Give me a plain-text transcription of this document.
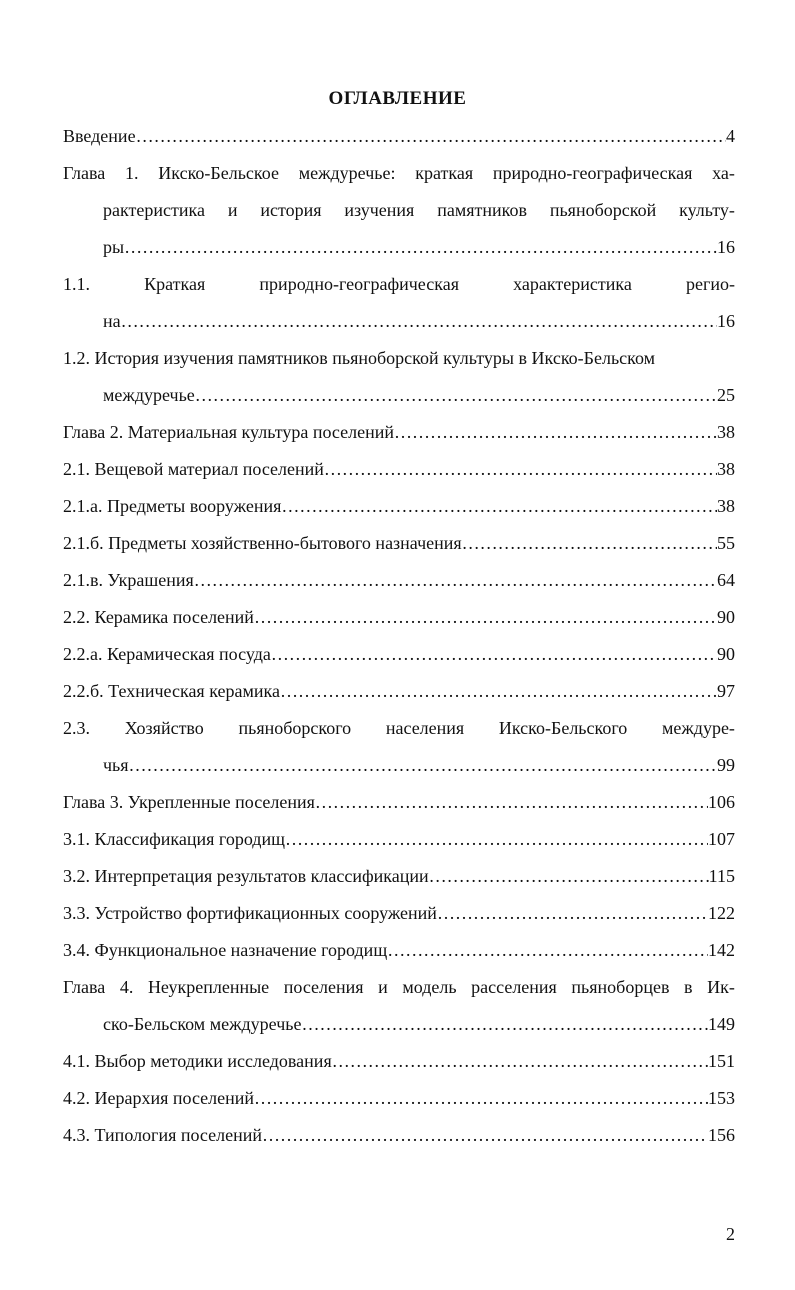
ОГЛАВЛЕНИЕ
Введение …………………………………………………………………………………………………………………………………………………………………………………………………	4
Глава 1. Икско-Бельское междуречье: краткая природно-географическая ха-
рактеристика и история изучения памятников пьяноборской культу-
ры …………………………………………………………………………………………………………………………………………………………………………………………………	16
1.1.	Краткая	природно-географическая	характеристика	регио-
на …………………………………………………………………………………………………………………………………………………………………………………………………	16
1.2. История изучения памятников пьяноборской культуры в Икско-Бельском
междуречье …………………………………………………………………………………………………………………………………………………………………………………………………	25
Глава 2. Материальная культура поселений …………………………………………………………………………………………………………………………………………………………………………………………………	38
2.1. Вещевой материал поселений …………………………………………………………………………………………………………………………………………………………………………………………………	38
2.1.а. Предметы вооружения …………………………………………………………………………………………………………………………………………………………………………………………………	38
2.1.б. Предметы хозяйственно-бытового назначения …………………………………………………………………………………………………………………………………………………………………………………………………	55
2.1.в. Украшения …………………………………………………………………………………………………………………………………………………………………………………………………	64
2.2. Керамика поселений …………………………………………………………………………………………………………………………………………………………………………………………………	90
2.2.а. Керамическая посуда …………………………………………………………………………………………………………………………………………………………………………………………………	90
2.2.б. Техническая керамика …………………………………………………………………………………………………………………………………………………………………………………………………	97
2.3. Хозяйство пьяноборского населения Икско-Бельского междуре-
чья …………………………………………………………………………………………………………………………………………………………………………………………………	99
Глава 3. Укрепленные поселения …………………………………………………………………………………………………………………………………………………………………………………………………	106
3.1. Классификация городищ …………………………………………………………………………………………………………………………………………………………………………………………………	107
3.2. Интерпретация результатов классификации …………………………………………………………………………………………………………………………………………………………………………………………………	115
3.3. Устройство фортификационных сооружений …………………………………………………………………………………………………………………………………………………………………………………………………	122
3.4. Функциональное назначение городищ …………………………………………………………………………………………………………………………………………………………………………………………………	142
Глава 4. Неукрепленные поселения и модель расселения пьяноборцев в Ик-
ско-Бельском междуречье …………………………………………………………………………………………………………………………………………………………………………………………………	149
4.1. Выбор методики исследования …………………………………………………………………………………………………………………………………………………………………………………………………	151
4.2. Иерархия поселений …………………………………………………………………………………………………………………………………………………………………………………………………	153
4.3. Типология поселений …………………………………………………………………………………………………………………………………………………………………………………………………	156
2
